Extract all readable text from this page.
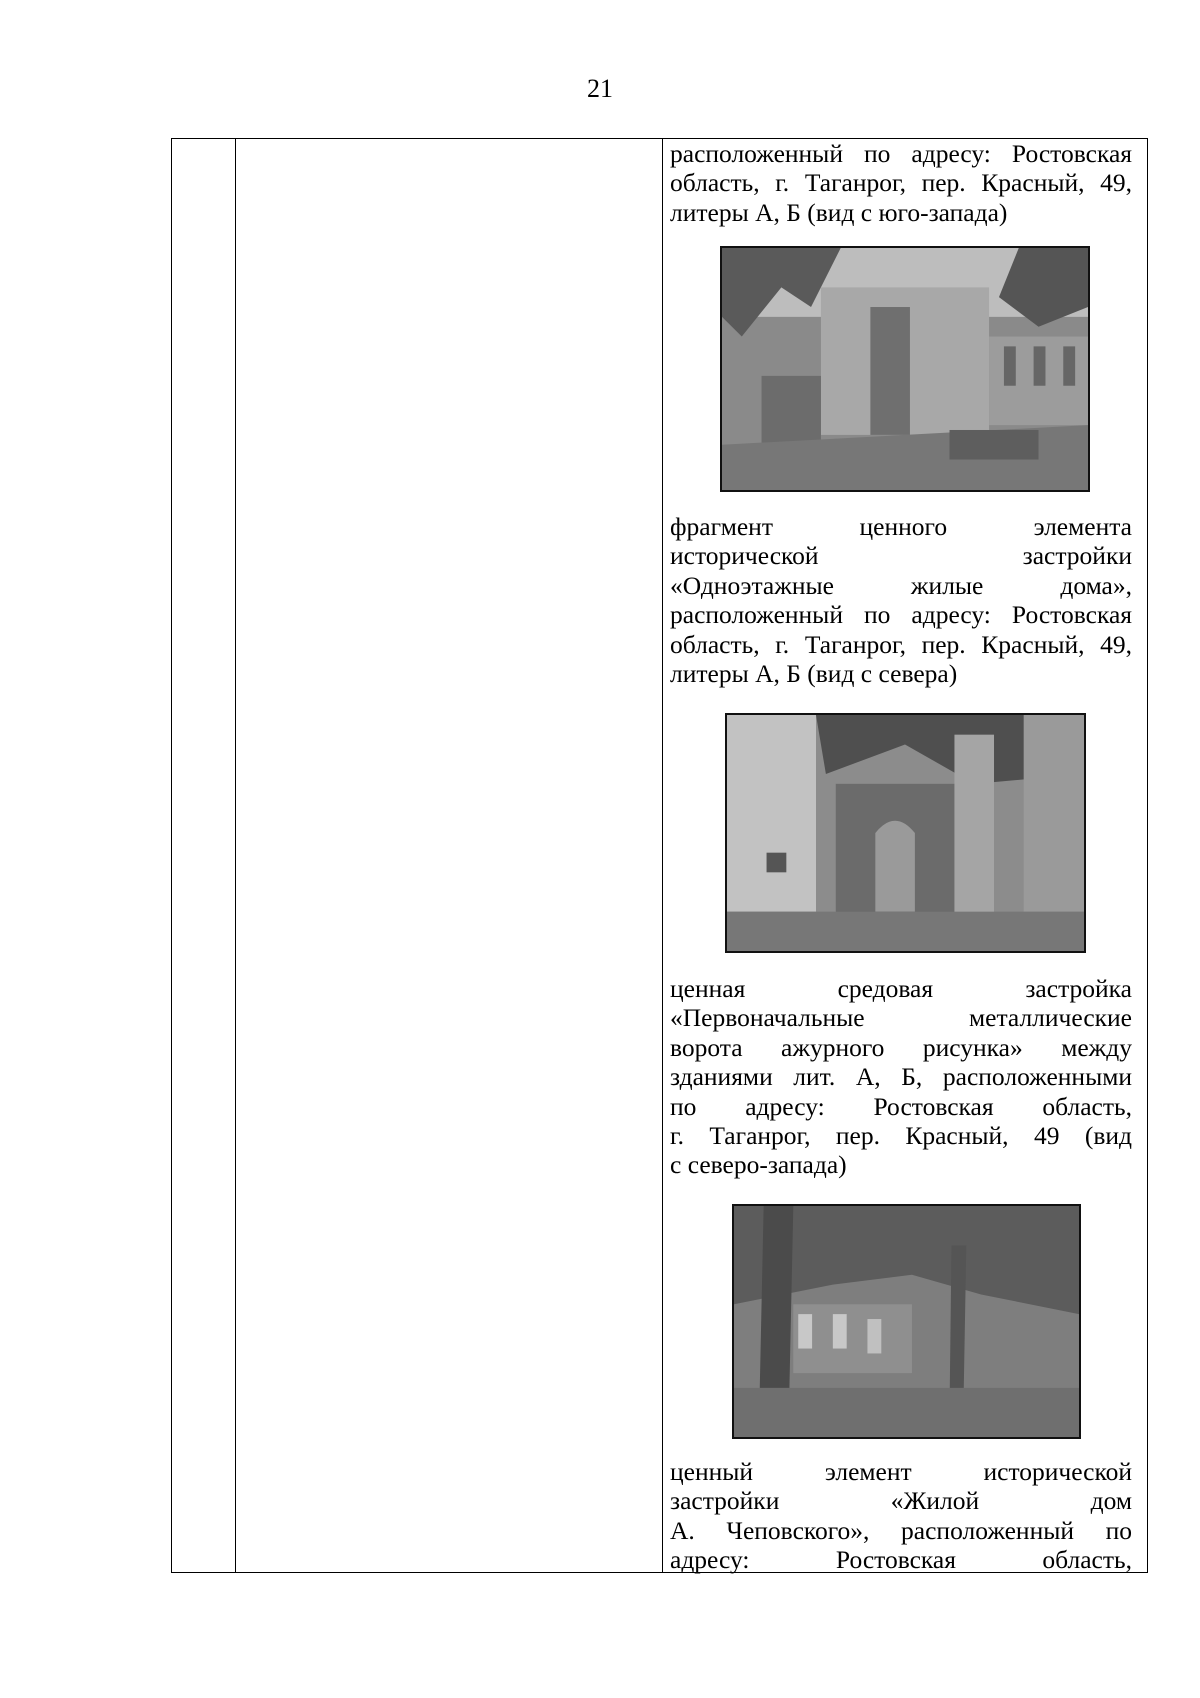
21
расположенный по адресу: Ростовская
область, г. Таганрог, пер. Красный, 49,
литеры А, Б (вид с юго-запада)
фрагмент ценного элемента
исторической застройки
«Одноэтажные жилые дома»,
расположенный по адресу: Ростовская
область, г. Таганрог, пер. Красный, 49,
литеры А, Б (вид с севера)
ценная средовая застройка
«Первоначальные металлические
ворота ажурного рисунка» между
зданиями лит. А, Б, расположенными
по адресу: Ростовская область,
г. Таганрог, пер. Красный, 49 (вид
с северо-запада)
ценный элемент исторической
застройки «Жилой дом
А. Чеповского», расположенный по
адресу: Ростовская область,
